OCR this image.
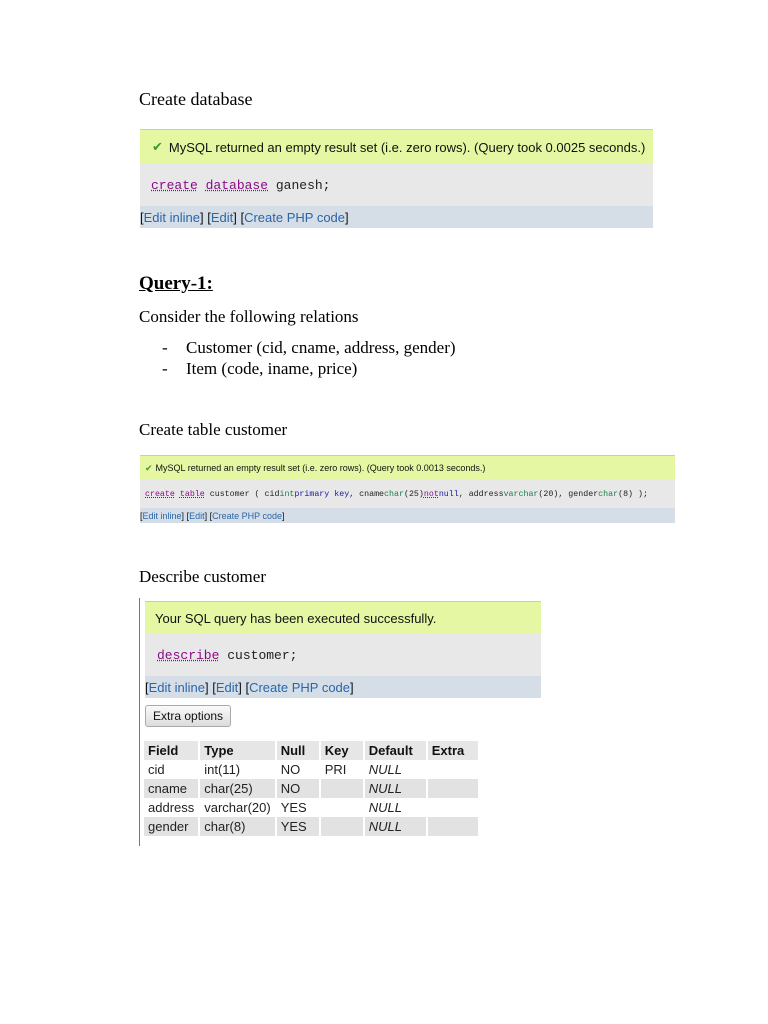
Create database
✔ MySQL returned an empty result set (i.e. zero rows). (Query took 0.0025 seconds.)
create
database
ganesh;
[ Edit inline ] [ Edit ] [ Create PHP code ]
Query-1:
Consider the following relations
- Customer (cid, cname, address, gender)
- Item (code, iname, price)
Create table customer
✔ MySQL returned an empty result set (i.e. zero rows). (Query took 0.0013 seconds.)
create
table
customer ( cid int primary key , cname char (25) not null , address varchar (20), gender char (8) );
[ Edit inline ] [ Edit ] [ Create PHP code ]
Describe customer
Your SQL query has been executed successfully.
describe
customer;
[ Edit inline ] [ Edit ] [ Create PHP code ]
Extra options
Field	Type	Null	Key	Default	Extra
cid	int(11)	NO	PRI	NULL	
cname	char(25)	NO		NULL	
address	varchar(20)	YES		NULL	
gender	char(8)	YES		NULL	
